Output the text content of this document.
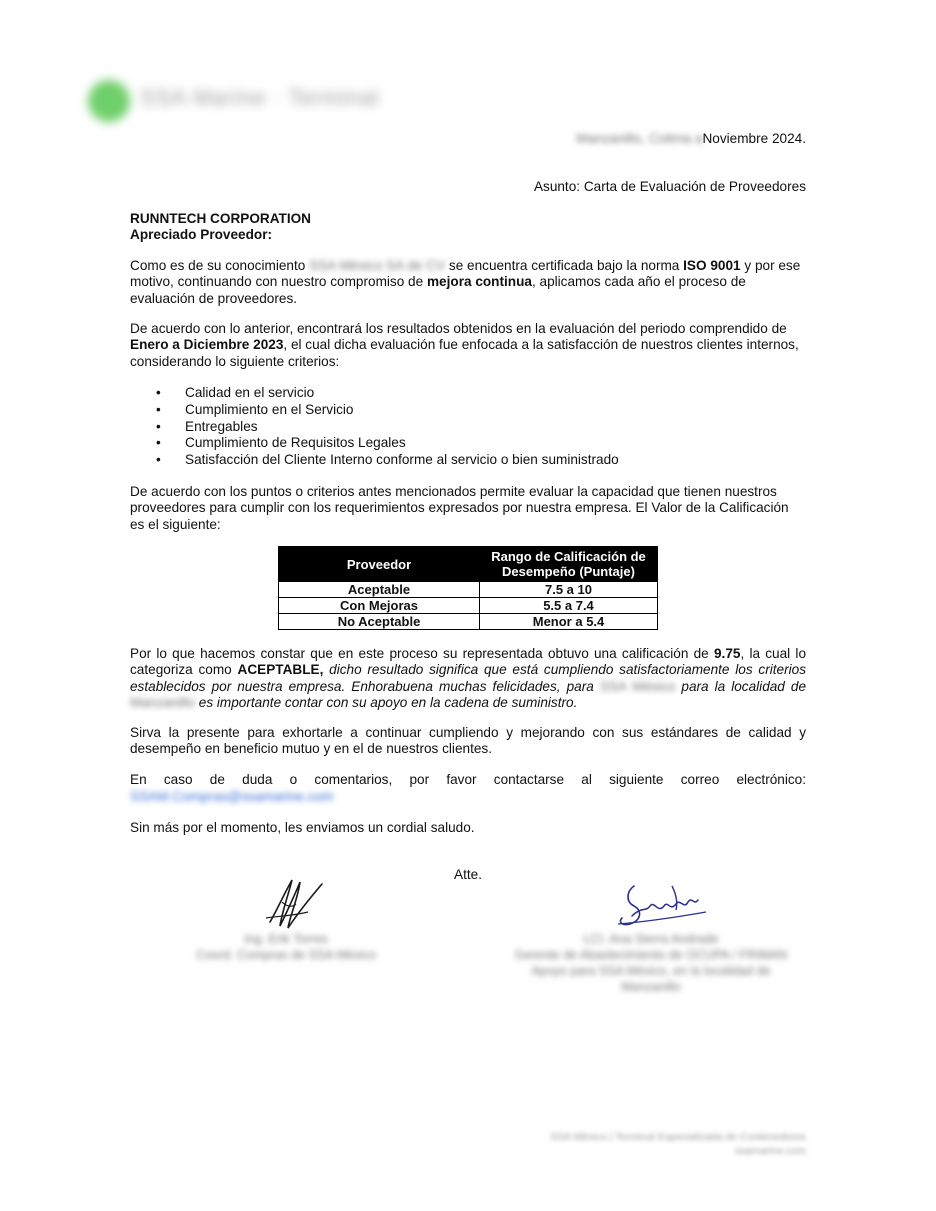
SSA Marine · Terminal
Manzanillo, Colima aNoviembre 2024.
Asunto: Carta de Evaluación de Proveedores
RUNNTECH CORPORATION
Apreciado Proveedor:

Como es de su conocimiento SSA México SA de CV se encuentra certificada bajo la norma ISO 9001 y por ese motivo, continuando con nuestro compromiso de mejora continua, aplicamos cada año el proceso de evaluación de proveedores.

De acuerdo con lo anterior, encontrará los resultados obtenidos en la evaluación del periodo comprendido de Enero a Diciembre 2023, el cual dicha evaluación fue enfocada a la satisfacción de nuestros clientes internos, considerando lo siguiente criterios:

• Calidad en el servicio
• Cumplimiento en el Servicio
• Entregables
• Cumplimiento de Requisitos Legales
• Satisfacción del Cliente Interno conforme al servicio o bien suministrado

De acuerdo con los puntos o criterios antes mencionados permite evaluar la capacidad que tienen nuestros proveedores para cumplir con los requerimientos expresados por nuestra empresa. El Valor de la Calificación es el siguiente:

Proveedor	Rango de Calificación de Desempeño (Puntaje)
Aceptable	7.5 a 10
Con Mejoras	5.5 a 7.4
No Aceptable	Menor a 5.4

Por lo que hacemos constar que en este proceso su representada obtuvo una calificación de 9.75, la cual lo categoriza como ACEPTABLE, dicho resultado significa que está cumpliendo satisfactoriamente los criterios establecidos por nuestra empresa. Enhorabuena muchas felicidades, para SSA México para la localidad de Manzanillo es importante contar con su apoyo en la cadena de suministro.

Sirva la presente para exhortarle a continuar cumpliendo y mejorando con sus estándares de calidad y desempeño en beneficio mutuo y en el de nuestros clientes.

En caso de duda o comentarios, por favor contactarse al siguiente correo electrónico:

SSAM.Compras@ssamarine.com

Sin más por el momento, les enviamos un cordial saludo.

Atte.
Ing. Erik Torres
Coord. Compras de SSA México
LCI. Ana Sierra Andrade
Gerente de Abastecimiento de OCUPA / FRIMAN
Apoyo para SSA México, en la localidad de
Manzanillo
SSA México | Terminal Especializada de Contenedores
ssamarine.com
